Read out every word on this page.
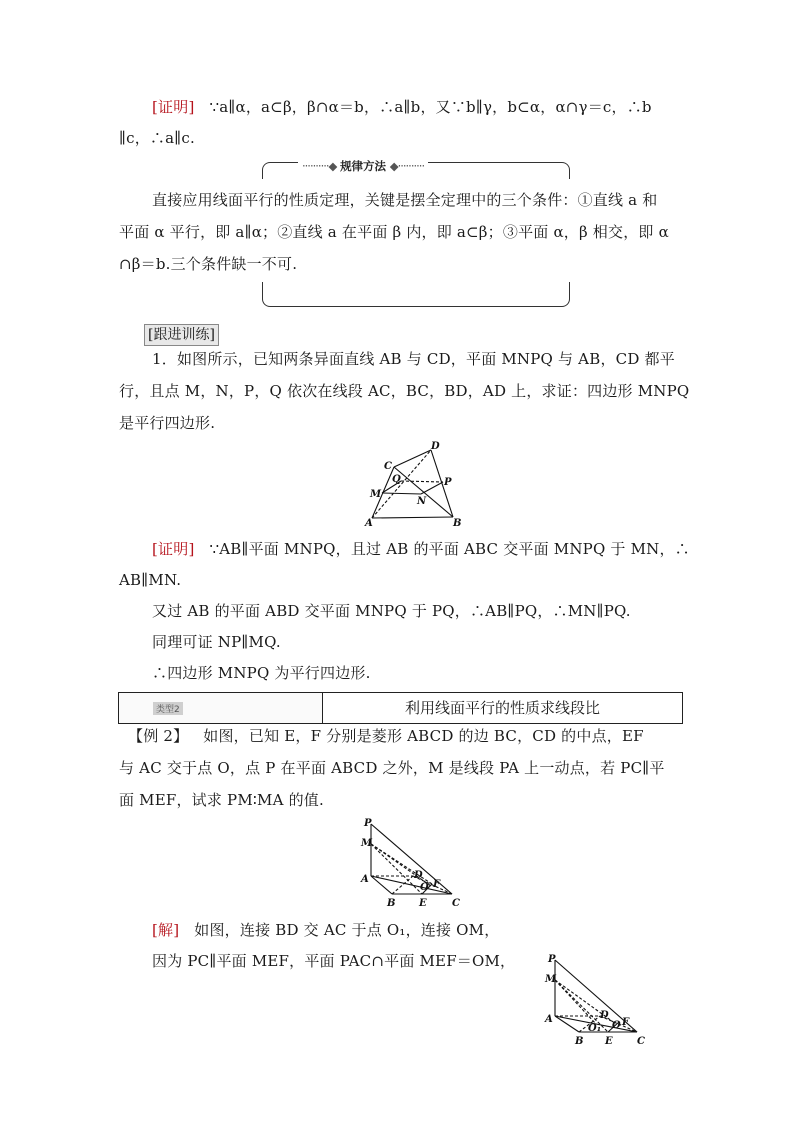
[证明] ∵a∥α，a⊂β，β∩α＝b，∴a∥b，又∵b∥γ，b⊂α，α∩γ＝c，∴b
∥c，∴a∥c.
··········◆ 规律方法 ◆··········
直接应用线面平行的性质定理，关键是摆全定理中的三个条件：①直线 a 和
平面 α 平行，即 a∥α；②直线 a 在平面 β 内，即 a⊂β；③平面 α，β 相交，即 α
∩β＝b.三个条件缺一不可.
[跟进训练]
1．如图所示，已知两条异面直线 AB 与 CD，平面 MNPQ 与 AB，CD 都平
行，且点 M，N，P，Q 依次在线段 AC，BC，BD，AD 上，求证：四边形 MNPQ
是平行四边形.
D
C
Q	P
M
N
A	B
[证明] ∵AB∥平面 MNPQ，且过 AB 的平面 ABC 交平面 MNPQ 于 MN，∴
AB∥MN.
又过 AB 的平面 ABD 交平面 MNPQ 于 PQ，∴AB∥PQ，∴MN∥PQ.
同理可证 NP∥MQ.
∴四边形 MNPQ 为平行四边形.
类型2	利用线面平行的性质求线段比
【例 2】 如图，已知 E，F 分别是菱形 ABCD 的边 BC，CD 的中点，EF
与 AC 交于点 O，点 P 在平面 ABCD 之外，M 是线段 PA 上一动点，若 PC∥平
面 MEF，试求 PM∶MA 的值.
P
M
A	D
O F
B E	C
[解] 如图，连接 BD 交 AC 于点 O₁，连接 OM，
因为 PC∥平面 MEF，平面 PAC∩平面 MEF＝OM，	P
M
A	D
O₁ O F
B E C
